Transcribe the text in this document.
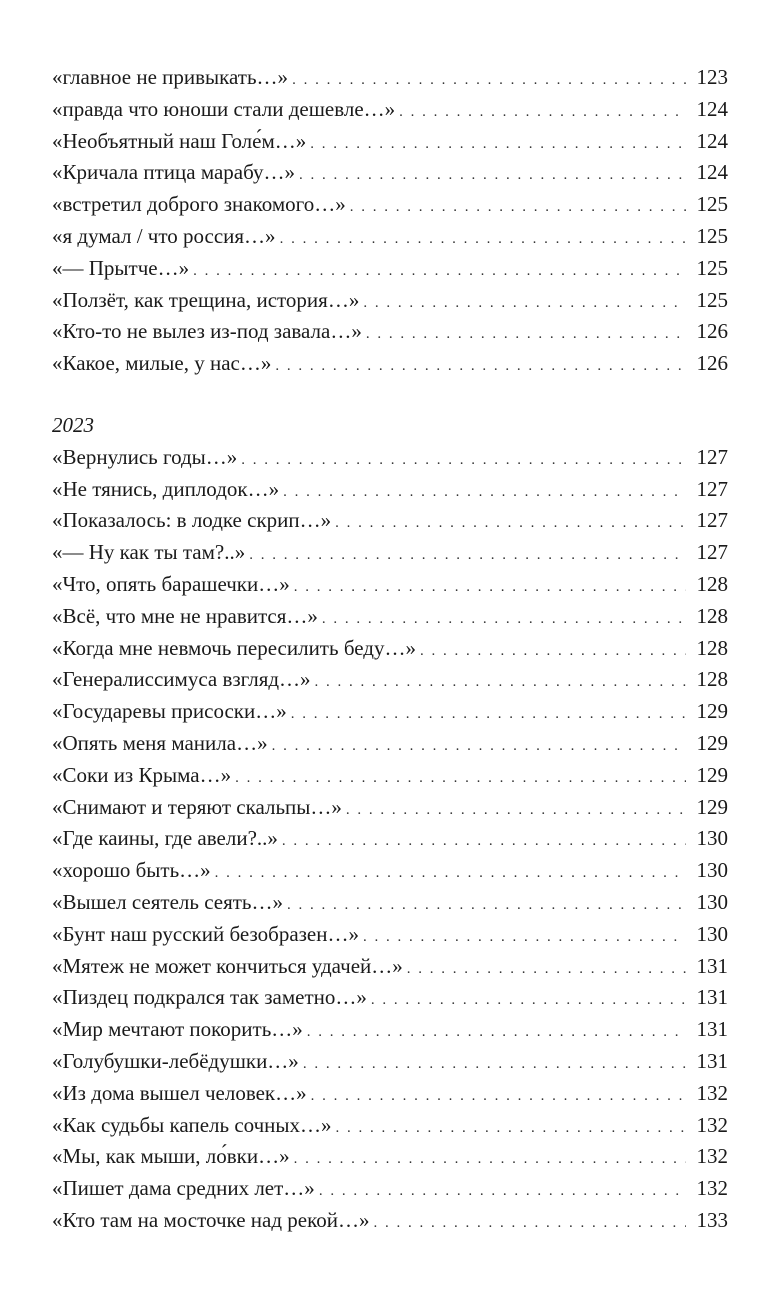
«главное не привыкать…» . . .	123
«правда что юноши стали дешевле…» . . .	124
«Необъятный наш Голе́м…» . . .	124
«Кричала птица марабу…» . . .	124
«встретил доброго знакомого…» . . .	125
«я думал / что россия…» . . .	125
«— Прытче…» . . .	125
«Ползёт, как трещина, история…» . . .	125
«Кто-то не вылез из-под завала…» . . .	126
«Какое, милые, у нас…» . . .	126
2023
«Вернулись годы…» . . .	127
«Не тянись, диплодок…» . . .	127
«Показалось: в лодке скрип…» . . .	127
«— Ну как ты там?..» . . .	127
«Что, опять барашечки…» . . .	128
«Всё, что мне не нравится…» . . .	128
«Когда мне невмочь пересилить беду…» . . .	128
«Генералиссимуса взгляд…» . . .	128
«Государевы присоски…» . . .	129
«Опять меня манила…» . . .	129
«Соки из Крыма…» . . .	129
«Снимают и теряют скальпы…» . . .	129
«Где каины, где авели?..» . . .	130
«хорошо быть…» . . .	130
«Вышел сеятель сеять…» . . .	130
«Бунт наш русский безобразен…» . . .	130
«Мятеж не может кончиться удачей…» . . .	131
«Пиздец подкрался так заметно…» . . .	131
«Мир мечтают покорить…» . . .	131
«Голубушки-лебёдушки…» . . .	131
«Из дома вышел человек…» . . .	132
«Как судьбы капель сочных…» . . .	132
«Мы, как мыши, ло́вки…» . . .	132
«Пишет дама средних лет…» . . .	132
«Кто там на мосточке над рекой…» . . .	133
